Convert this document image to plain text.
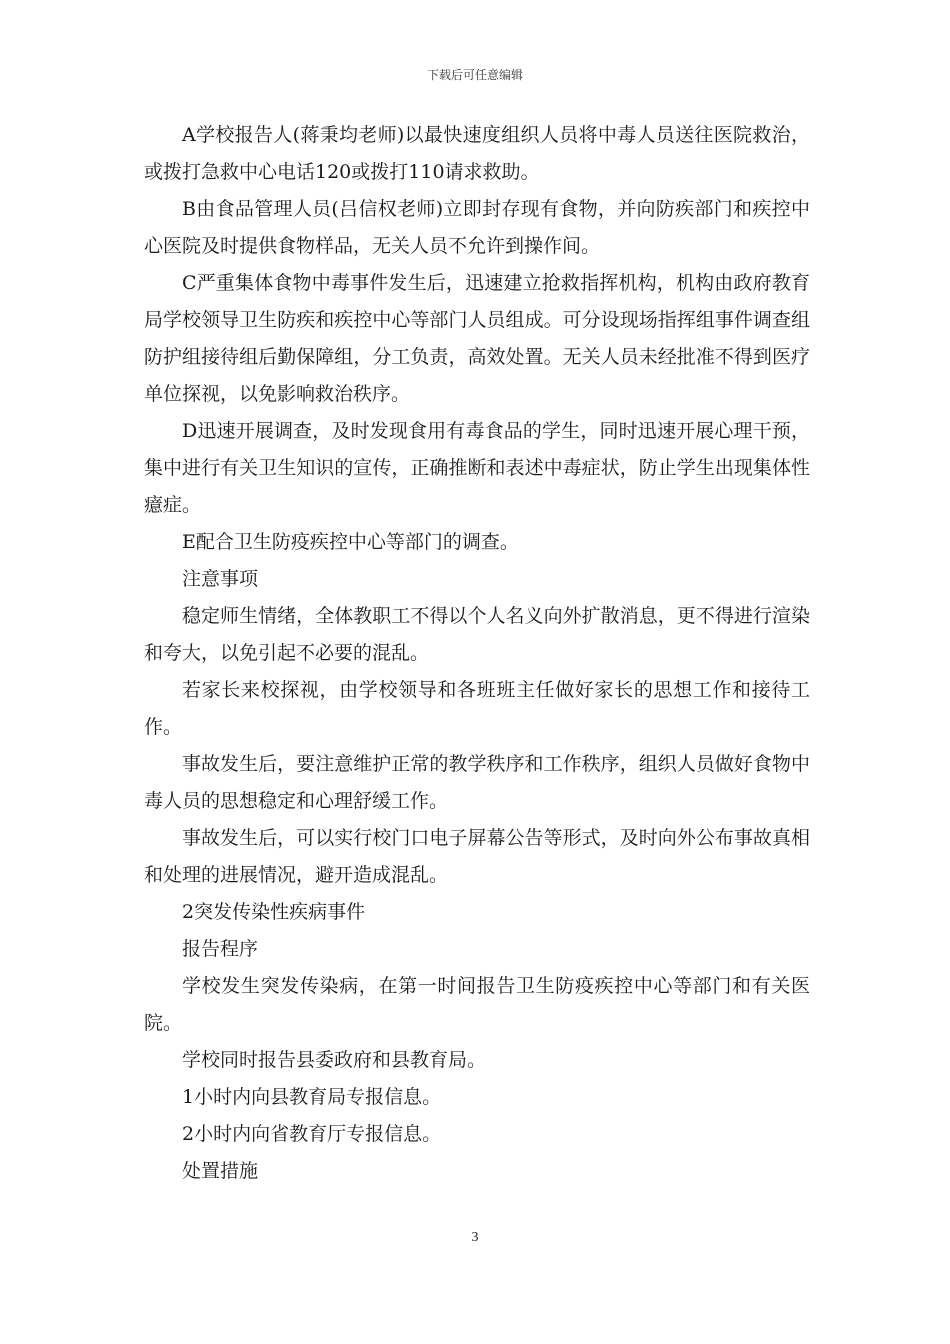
下载后可任意编辑

A学校报告人(蒋秉均老师)以最快速度组织人员将中毒人员送往医院救治，或拨打急救中心电话120或拨打110请求救助。

B由食品管理人员(吕信权老师)立即封存现有食物，并向防疾部门和疾控中心医院及时提供食物样品，无关人员不允许到操作间。

C严重集体食物中毒事件发生后，迅速建立抢救指挥机构，机构由政府教育局学校领导卫生防疾和疾控中心等部门人员组成。可分设现场指挥组事件调查组防护组接待组后勤保障组，分工负责，高效处置。无关人员未经批准不得到医疗单位探视，以免影响救治秩序。

D迅速开展调查，及时发现食用有毒食品的学生，同时迅速开展心理干预，集中进行有关卫生知识的宣传，正确推断和表述中毒症状，防止学生出现集体性癔症。

E配合卫生防疫疾控中心等部门的调查。

注意事项

稳定师生情绪，全体教职工不得以个人名义向外扩散消息，更不得进行渲染和夸大，以免引起不必要的混乱。

若家长来校探视，由学校领导和各班班主任做好家长的思想工作和接待工作。

事故发生后，要注意维护正常的教学秩序和工作秩序，组织人员做好食物中毒人员的思想稳定和心理舒缓工作。

事故发生后，可以实行校门口电子屏幕公告等形式，及时向外公布事故真相和处理的进展情况，避开造成混乱。

2突发传染性疾病事件

报告程序

学校发生突发传染病，在第一时间报告卫生防疫疾控中心等部门和有关医院。

学校同时报告县委政府和县教育局。

1小时内向县教育局专报信息。

2小时内向省教育厅专报信息。

处置措施

3
